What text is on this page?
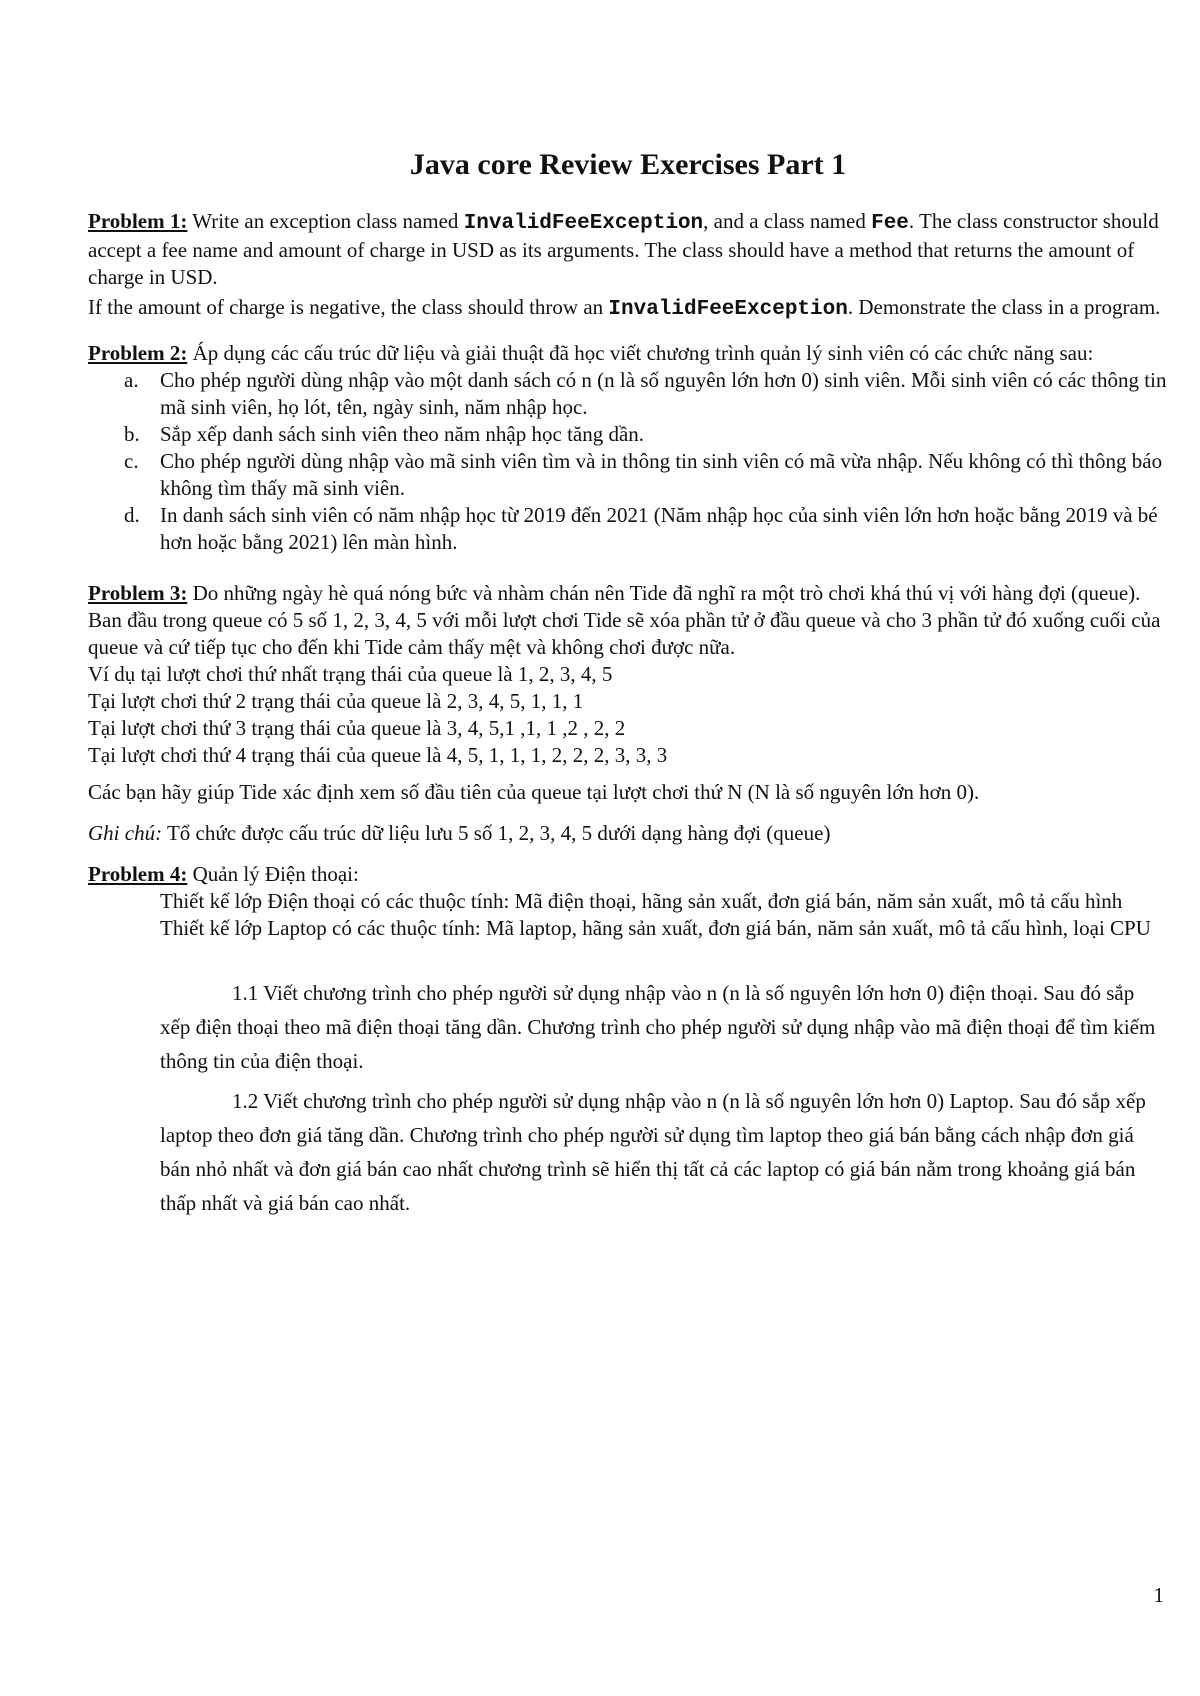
Java core Review Exercises Part 1

Problem 1: Write an exception class named InvalidFeeException, and a class named Fee. The class constructor should accept a fee name and amount of charge in USD as its arguments. The class should have a method that returns the amount of charge in USD.

If the amount of charge is negative, the class should throw an InvalidFeeException. Demonstrate the class in a program.

Problem 2: Áp dụng các cấu trúc dữ liệu và giải thuật đã học viết chương trình quản lý sinh viên có các chức năng sau:

a. Cho phép người dùng nhập vào một danh sách có n (n là số nguyên lớn hơn 0) sinh viên. Mỗi sinh viên có các thông tin mã sinh viên, họ lót, tên, ngày sinh, năm nhập học.
b. Sắp xếp danh sách sinh viên theo năm nhập học tăng dần.
c. Cho phép người dùng nhập vào mã sinh viên tìm và in thông tin sinh viên có mã vừa nhập. Nếu không có thì thông báo không tìm thấy mã sinh viên.
d. In danh sách sinh viên có năm nhập học từ 2019 đến 2021 (Năm nhập học của sinh viên lớn hơn hoặc bằng 2019 và bé hơn hoặc bằng 2021) lên màn hình.

Problem 3: Do những ngày hè quá nóng bức và nhàm chán nên Tide đã nghĩ ra một trò chơi khá thú vị với hàng đợi (queue). Ban đầu trong queue có 5 số 1, 2, 3, 4, 5 với mỗi lượt chơi Tide sẽ xóa phần tử ở đầu queue và cho 3 phần tử đó xuống cuối của queue và cứ tiếp tục cho đến khi Tide cảm thấy mệt và không chơi được nữa.

Ví dụ tại lượt chơi thứ nhất trạng thái của queue là 1, 2, 3, 4, 5

Tại lượt chơi thứ 2 trạng thái của queue là 2, 3, 4, 5, 1, 1, 1

Tại lượt chơi thứ 3 trạng thái của queue là 3, 4, 5,1 ,1, 1 ,2 , 2, 2

Tại lượt chơi thứ 4 trạng thái của queue là 4, 5, 1, 1, 1, 2, 2, 2, 3, 3, 3

Các bạn hãy giúp Tide xác định xem số đầu tiên của queue tại lượt chơi thứ N (N là số nguyên lớn hơn 0).

Ghi chú: Tổ chức được cấu trúc dữ liệu lưu 5 số 1, 2, 3, 4, 5 dưới dạng hàng đợi (queue)

Problem 4: Quản lý Điện thoại:

Thiết kế lớp Điện thoại có các thuộc tính: Mã điện thoại, hãng sản xuất, đơn giá bán, năm sản xuất, mô tả cấu hình

Thiết kế lớp Laptop có các thuộc tính: Mã laptop, hãng sản xuất, đơn giá bán, năm sản xuất, mô tả cấu hình, loại CPU

1.1 Viết chương trình cho phép người sử dụng nhập vào n (n là số nguyên lớn hơn 0) điện thoại. Sau đó sắp xếp điện thoại theo mã điện thoại tăng dần. Chương trình cho phép người sử dụng nhập vào mã điện thoại để tìm kiếm thông tin của điện thoại.

1.2 Viết chương trình cho phép người sử dụng nhập vào n (n là số nguyên lớn hơn 0) Laptop. Sau đó sắp xếp laptop theo đơn giá tăng dần. Chương trình cho phép người sử dụng tìm laptop theo giá bán bằng cách nhập đơn giá bán nhỏ nhất và đơn giá bán cao nhất chương trình sẽ hiển thị tất cả các laptop có giá bán nằm trong khoảng giá bán thấp nhất và giá bán cao nhất.

1
